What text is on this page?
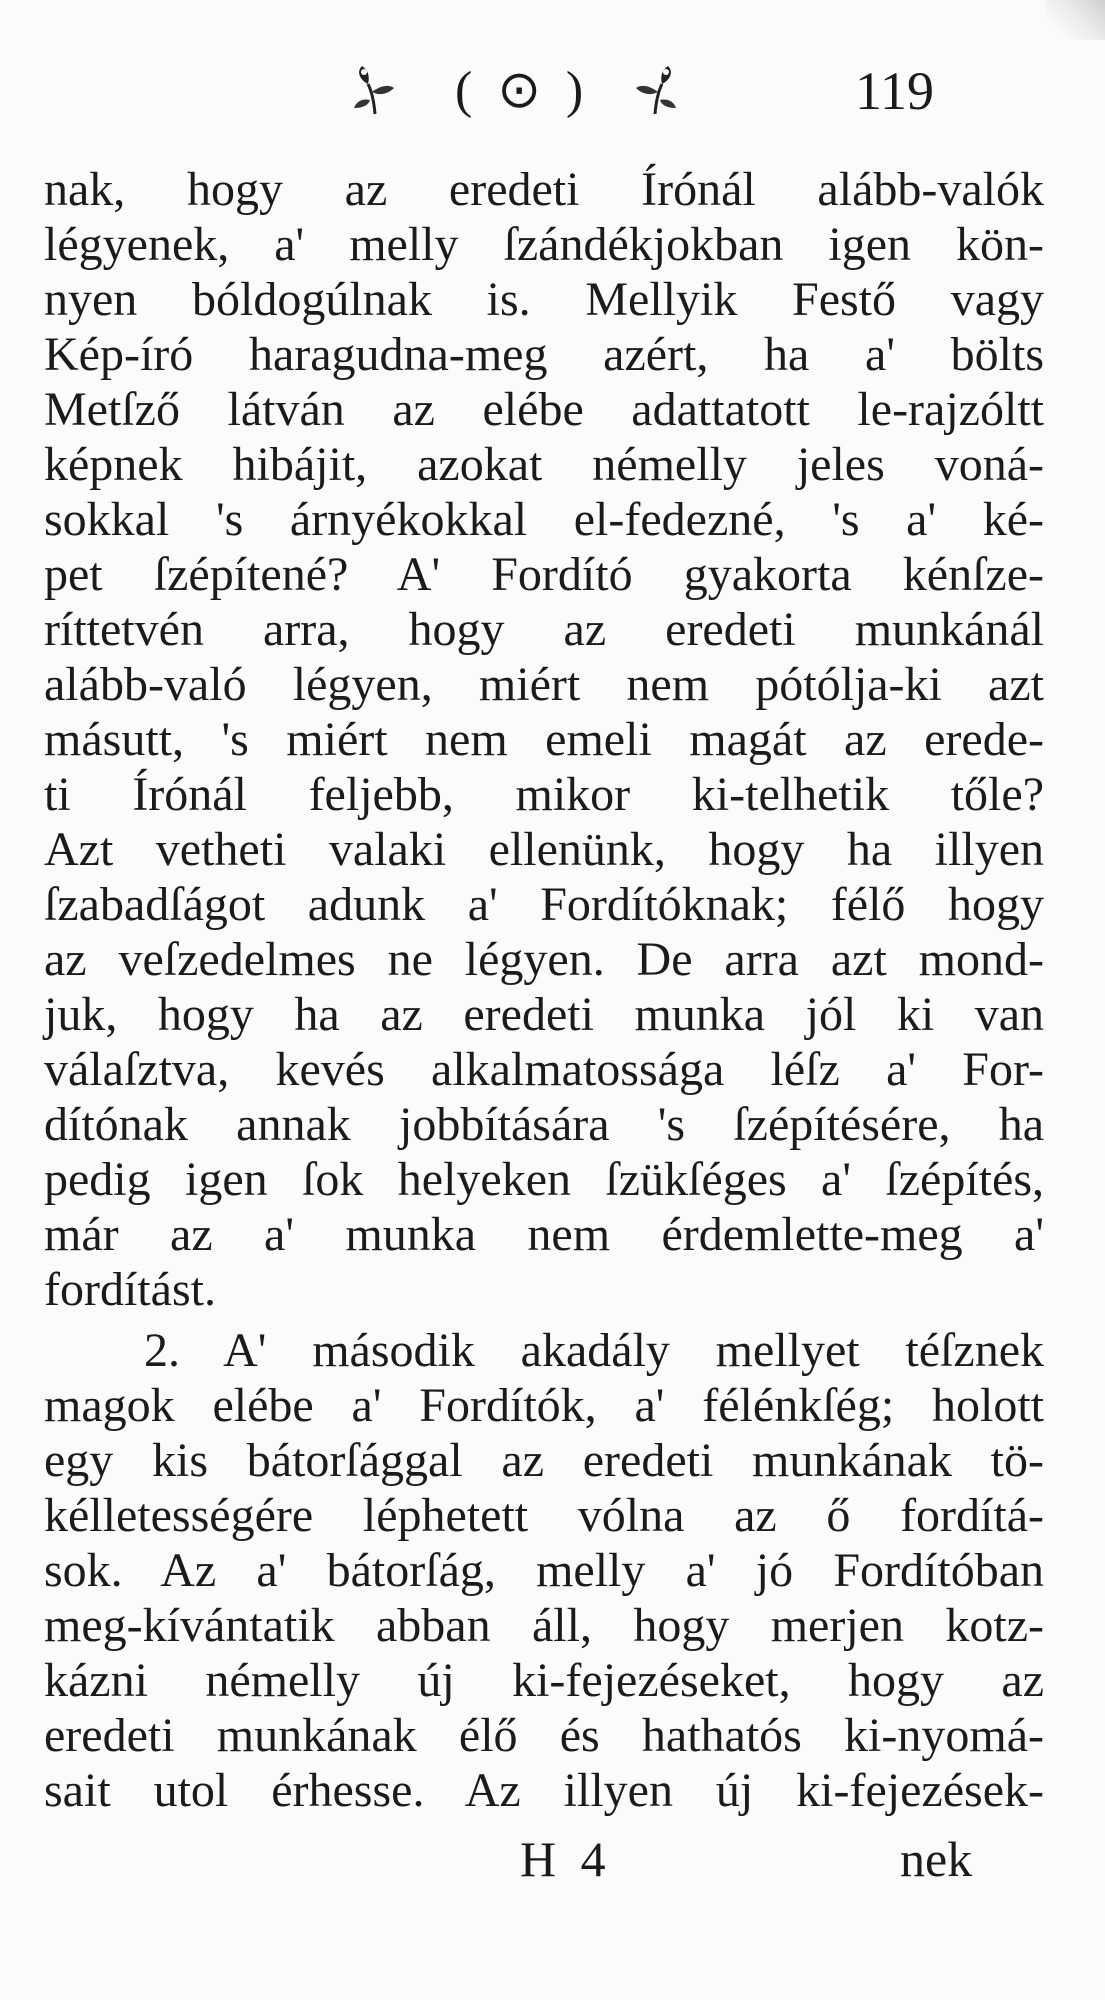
( ⊙ )	119
nak, hogy az eredeti Írónál alább-valók
légyenek, a' melly ſzándékjokban igen kön-
nyen bóldogúlnak is. Mellyik Festő vagy
Kép-író haragudna-meg azért, ha a' bölts
Metſző látván az elébe adattatott le-rajzóltt
képnek hibájit, azokat némelly jeles voná-
sokkal 's árnyékokkal el-fedezné, 's a' ké-
pet ſzépítené? A' Fordító gyakorta kénſze-
ríttetvén arra, hogy az eredeti munkánál
alább-való légyen, miért nem pótólja-ki azt
másutt, 's miért nem emeli magát az erede-
ti Írónál feljebb, mikor ki-telhetik tőle?
Azt vetheti valaki ellenünk, hogy ha illyen
ſzabadſágot adunk a' Fordítóknak; félő hogy
az veſzedelmes ne légyen. De arra azt mond-
juk, hogy ha az eredeti munka jól ki van
válaſztva, kevés alkalmatossága léſz a' For-
dítónak annak jobbítására 's ſzépítésére, ha
pedig igen ſok helyeken ſzükſéges a' ſzépítés,
már az a' munka nem érdemlette-meg a'
fordítást.
2. A' második akadály mellyet téſznek
magok elébe a' Fordítók, a' félénkſég; holott
egy kis bátorſággal az eredeti munkának tö-
kélletességére léphetett vólna az ő fordítá-
sok. Az a' bátorſág, melly a' jó Fordítóban
meg-kívántatik abban áll, hogy merjen kotz-
kázni némelly új ki-fejezéseket, hogy az
eredeti munkának élő és hathatós ki-nyomá-
sait utol érhesse. Az illyen új ki-fejezések-
H 4	nek
